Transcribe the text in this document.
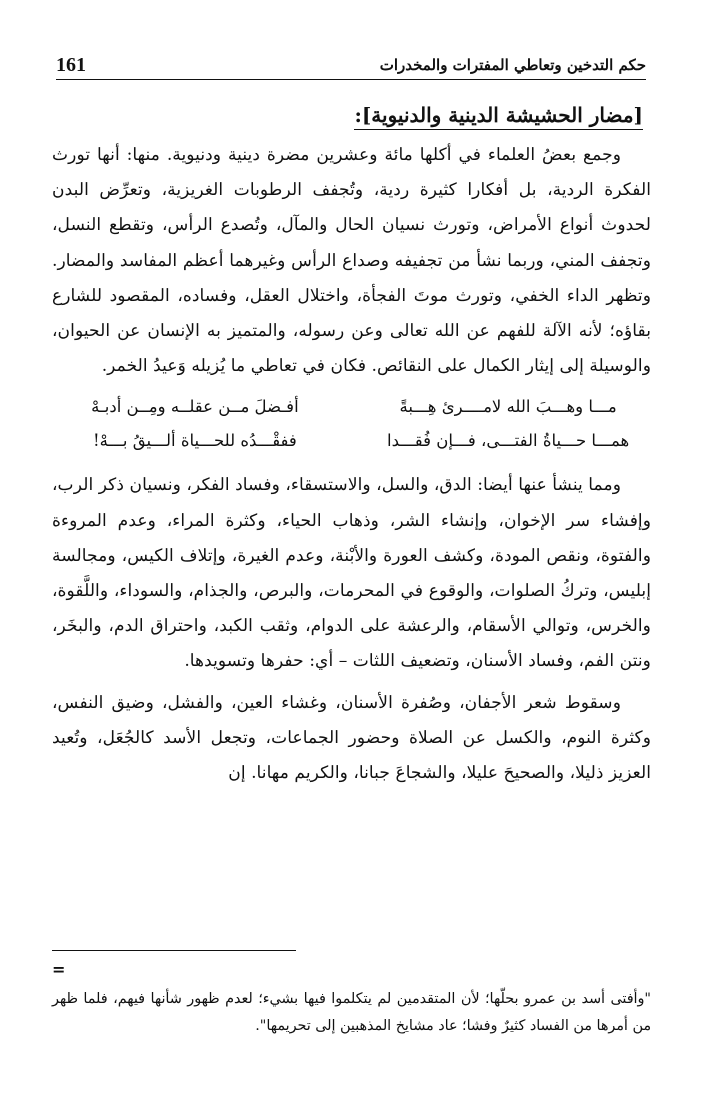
161	حكم التدخين وتعاطي المفترات والمخدرات
[مضار الحشيشة الدينية والدنيوية]:

وجمع بعضُ العلماء في أكلها مائة وعشرين مضرة دينية ودنيوية. منها: أنها تورث الفكرة الردية، بل أفكارا كثيرة ردية، وتُجفف الرطوبات الغريزية، وتعرِّض البدن لحدوث أنواع الأمراض، وتورث نسيان الحال والمآل، وتُصدع الرأس، وتقطع النسل، وتجفف المني، وربما نشأ من تجفيفه وصداع الرأس وغيرهما أعظم المفاسد والمضار. وتظهر الداء الخفي، وتورث موتَ الفجأة، واختلال العقل، وفساده، المقصود للشارع بقاؤه؛ لأنه الآلة للفهم عن الله تعالى وعن رسوله، والمتميز به الإنسان عن الحيوان، والوسيلة إلى إيثار الكمال على النقائص. فكان في تعاطي ما يُزيله وَعيدُ الخمر.

مـــا وهـــبَ الله لامــــرئ هِـــبةً
أفـضلَ مــن عقلــه ومِــن أدبـهْ
همـــا حـــياةُ الفتـــى، فـــإن فُقـــدا
ففقْـــدُه للحـــياة ألـــيقُ بـــهْ!

ومما ينشأ عنها أيضا: الدق، والسل، والاستسقاء، وفساد الفكر، ونسيان ذكر الرب، وإفشاء سر الإخوان، وإنشاء الشر، وذهاب الحياء، وكثرة المراء، وعدم المروءة والفتوة، ونقص المودة، وكشف العورة والأبْنة، وعدم الغيرة، وإتلاف الكيس، ومجالسة إبليس، وتركُ الصلوات، والوقوع في المحرمات، والبرص، والجذام، والسوداء، واللَّقوة، والخرس، وتوالي الأسقام، والرعشة على الدوام، وثقب الكبد، واحتراق الدم، والبخَر، ونتن الفم، وفساد الأسنان، وتضعيف اللثات – أي: حفرها وتسويدها.

وسقوط شعر الأجفان، وصُفرة الأسنان، وغشاء العين، والفشل، وضيق النفس، وكثرة النوم، والكسل عن الصلاة وحضور الجماعات، وتجعل الأسد كالجُعَل، وتُعيد العزيز ذليلا، والصحيحَ عليلا، والشجاعَ جبانا، والكريم مهانا. إن

=
"وأفتى أسد بن عمرو بحلّها؛ لأن المتقدمين لم يتكلموا فيها بشيء؛ لعدم ظهور شأنها فيهم، فلما ظهر من أمرها من الفساد كثيرٌ وفشا؛ عاد مشايخ المذهبين إلى تحريمها".
